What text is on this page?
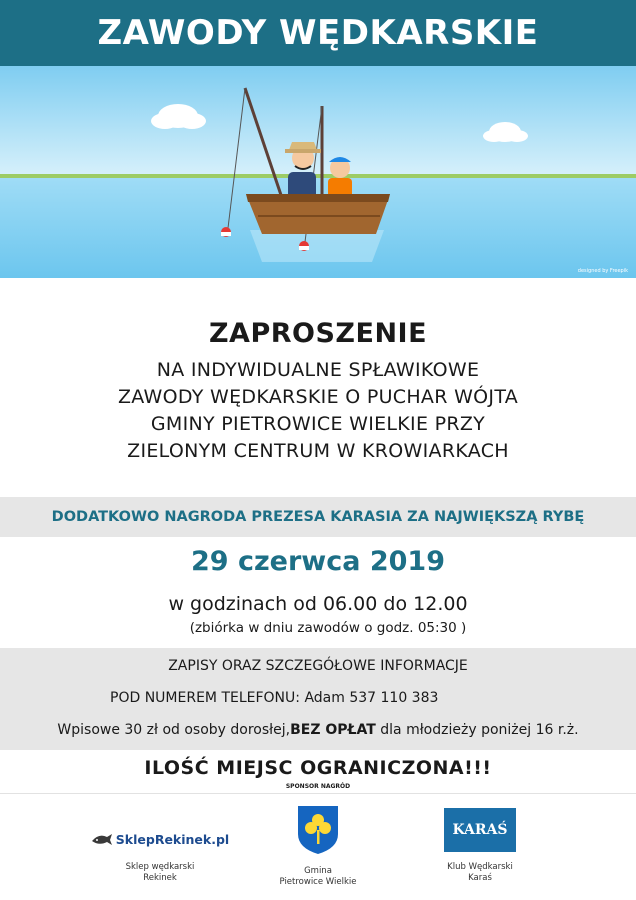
ZAWODY WĘDKARSKIE
designed by Freepik
ZAPROSZENIE
NA INDYWIDUALNE SPŁAWIKOWE
ZAWODY WĘDKARSKIE O PUCHAR WÓJTA
GMINY PIETROWICE WIELKIE PRZY
ZIELONYM CENTRUM W KROWIARKACH
DODATKOWO NAGRODA PREZESA KARASIA ZA NAJWIĘKSZĄ RYBĘ
29 czerwca 2019
w godzinach od 06.00 do 12.00
(zbiórka w dniu zawodów o godz. 05:30 )
ZAPISY ORAZ SZCZEGÓŁOWE INFORMACJE
POD NUMEREM TELEFONU: Adam 537 110 383
Wpisowe 30 zł od osoby dorosłej,BEZ OPŁAT dla młodzieży poniżej 16 r.ż.
ILOŚĆ MIEJSC OGRANICZONA!!!
SPONSOR NAGRÓD
SklepRekinek.pl
Sklep wędkarski
Rekinek
Gmina
Pietrowice Wielkie
KARAŚ
Klub Wędkarski
Karaś
